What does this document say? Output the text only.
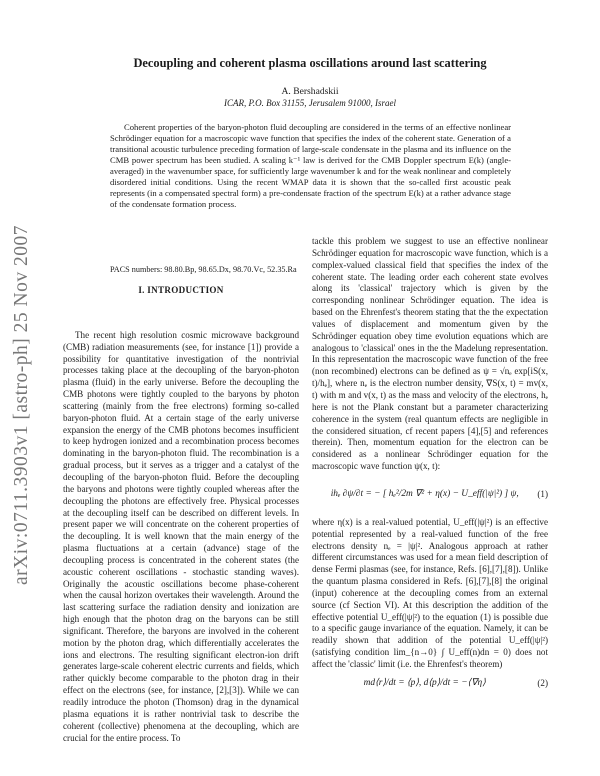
arXiv:0711.3903v1 [astro-ph] 25 Nov 2007
Decoupling and coherent plasma oscillations around last scattering
A. Bershadskii
ICAR, P.O. Box 31155, Jerusalem 91000, Israel

Coherent properties of the baryon-photon fluid decoupling are considered in the terms of an effective nonlinear Schrödinger equation for a macroscopic wave function that specifies the index of the coherent state. Generation of a transitional acoustic turbulence preceding formation of large-scale condensate in the plasma and its influence on the CMB power spectrum has been studied. A scaling k⁻¹ law is derived for the CMB Doppler spectrum E(k) (angle-averaged) in the wavenumber space, for sufficiently large wavenumber k and for the weak nonlinear and completely disordered initial conditions. Using the recent WMAP data it is shown that the so-called first acoustic peak represents (in a compensated spectral form) a pre-condensate fraction of the spectrum E(k) at a rather advance stage of the condensate formation process.

PACS numbers: 98.80.Bp, 98.65.Dx, 98.70.Vc, 52.35.Ra

I. INTRODUCTION

The recent high resolution cosmic microwave background (CMB) radiation measurements (see, for instance [1]) provide a possibility for quantitative investigation of the nontrivial processes taking place at the decoupling of the baryon-photon plasma (fluid) in the early universe. Before the decoupling the CMB photons were tightly coupled to the baryons by photon scattering (mainly from the free electrons) forming so-called baryon-photon fluid. At a certain stage of the early universe expansion the energy of the CMB photons becomes insufficient to keep hydrogen ionized and a recombination process becomes dominating in the baryon-photon fluid. The recombination is a gradual process, but it serves as a trigger and a catalyst of the decoupling of the baryon-photon fluid. Before the decoupling the baryons and photons were tightly coupled whereas after the decoupling the photons are effectively free. Physical processes at the decoupling itself can be described on different levels. In present paper we will concentrate on the coherent properties of the decoupling. It is well known that the main energy of the plasma fluctuations at a certain (advance) stage of the decoupling process is concentrated in the coherent states (the acoustic coherent oscillations - stochastic standing waves). Originally the acoustic oscillations become phase-coherent when the causal horizon overtakes their wavelength. Around the last scattering surface the radiation density and ionization are high enough that the photon drag on the baryons can be still significant. Therefore, the baryons are involved in the coherent motion by the photon drag, which differentially accelerates the ions and electrons. The resulting significant electron-ion drift generates large-scale coherent electric currents and fields, which rather quickly become comparable to the photon drag in their effect on the electrons (see, for instance, [2],[3]). While we can readily introduce the photon (Thomson) drag in the dynamical plasma equations it is rather nontrivial task to describe the coherent (collective) phenomena at the decoupling, which are crucial for the entire process. To

tackle this problem we suggest to use an effective nonlinear Schrödinger equation for macroscopic wave function, which is a complex-valued classical field that specifies the index of the coherent state. The leading order each coherent state evolves along its 'classical' trajectory which is given by the corresponding nonlinear Schrödinger equation. The idea is based on the Ehrenfest's theorem stating that the the expectation values of displacement and momentum given by the Schrödinger equation obey time evolution equations which are analogous to 'classical' ones in the the Madelung representation. In this representation the macroscopic wave function of the free (non recombined) electrons can be defined as ψ = √nₑ exp[iS(x, t)/hₑ], where nₑ is the electron number density, ∇S(x, t) = mv(x, t) with m and v(x, t) as the mass and velocity of the electrons, hₑ here is not the Plank constant but a parameter characterizing coherence in the system (real quantum effects are negligible in the considered situation, cf recent papers [4],[5] and references therein). Then, momentum equation for the electron can be considered as a nonlinear Schrödinger equation for the macroscopic wave function ψ(x, t):

ihₑ ∂ψ/∂t = − [ hₑ²/2m ∇² + η(x) − U_eff(|ψ|²) ] ψ,	(1)

where η(x) is a real-valued potential, U_eff(|ψ|²) is an effective potential represented by a real-valued function of the free electrons density nₑ = |ψ|². Analogous approach at rather different circumstances was used for a mean field description of dense Fermi plasmas (see, for instance, Refs. [6],[7],[8]). Unlike the quantum plasma considered in Refs. [6],[7],[8] the original (input) coherence at the decoupling comes from an external source (cf Section VI). At this description the addition of the effective potential U_eff(|ψ|²) to the equation (1) is possible due to a specific gauge invariance of the equation. Namely, it can be readily shown that addition of the potential U_eff(|ψ|²) (satisfying condition lim_{n→0} ∫ U_eff(n)dn = 0) does not affect the 'classic' limit (i.e. the Ehrenfest's theorem)

md⟨r⟩/dt = ⟨p⟩, d⟨p⟩/dt = −⟨∇η⟩	(2)
